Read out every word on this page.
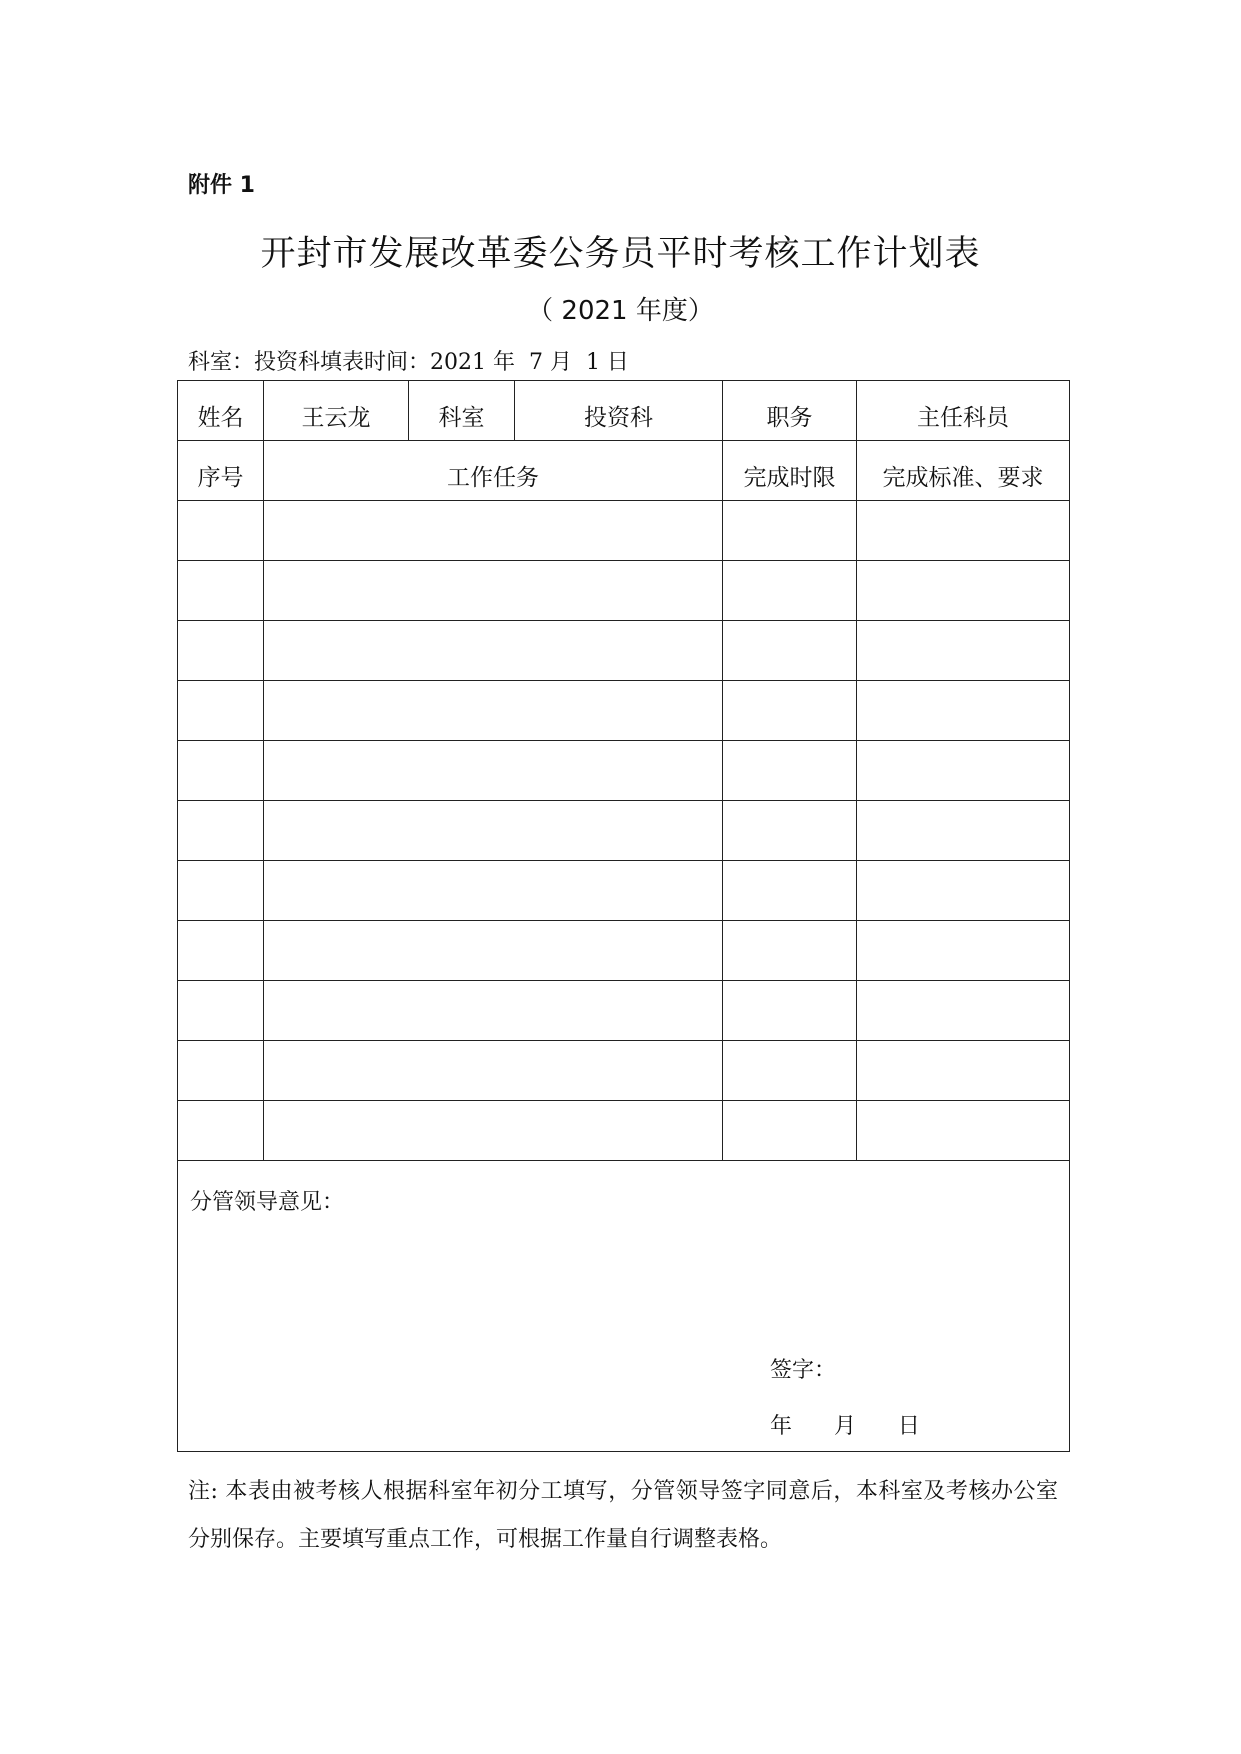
附件 1
开封市发展改革委公务员平时考核工作计划表
（ 2021 年度）
科室：投资科填表时间：2021 年  7 月  1 日
姓名	王云龙	科室	投资科	职务	主任科员
序号	工作任务			完成时限	完成标准、要求

分管领导意见：
签字：
年      月      日					
注: 本表由被考核人根据科室年初分工填写，分管领导签字同意后，本科室及考核办公室分别保存。主要填写重点工作，可根据工作量自行调整表格。
